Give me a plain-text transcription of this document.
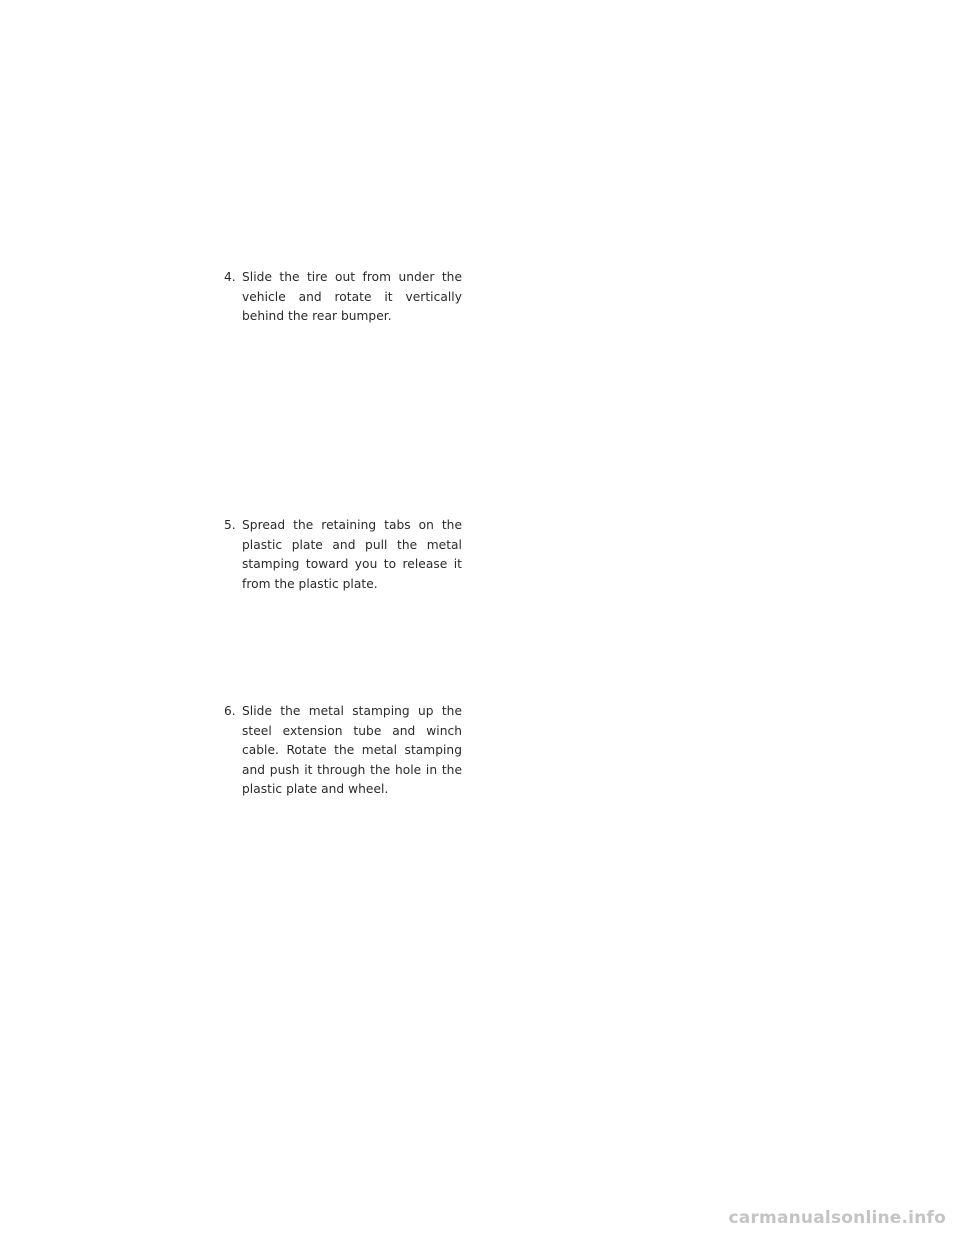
4. Slide the tire out from under the vehicle and rotate it vertically behind the rear bumper.

5. Spread the retaining tabs on the plastic plate and pull the metal stamping toward you to release it from the plastic plate.

6. Slide the metal stamping up the steel extension tube and winch cable. Rotate the metal stamping and push it through the hole in the plastic plate and wheel.

carmanualsonline.info
